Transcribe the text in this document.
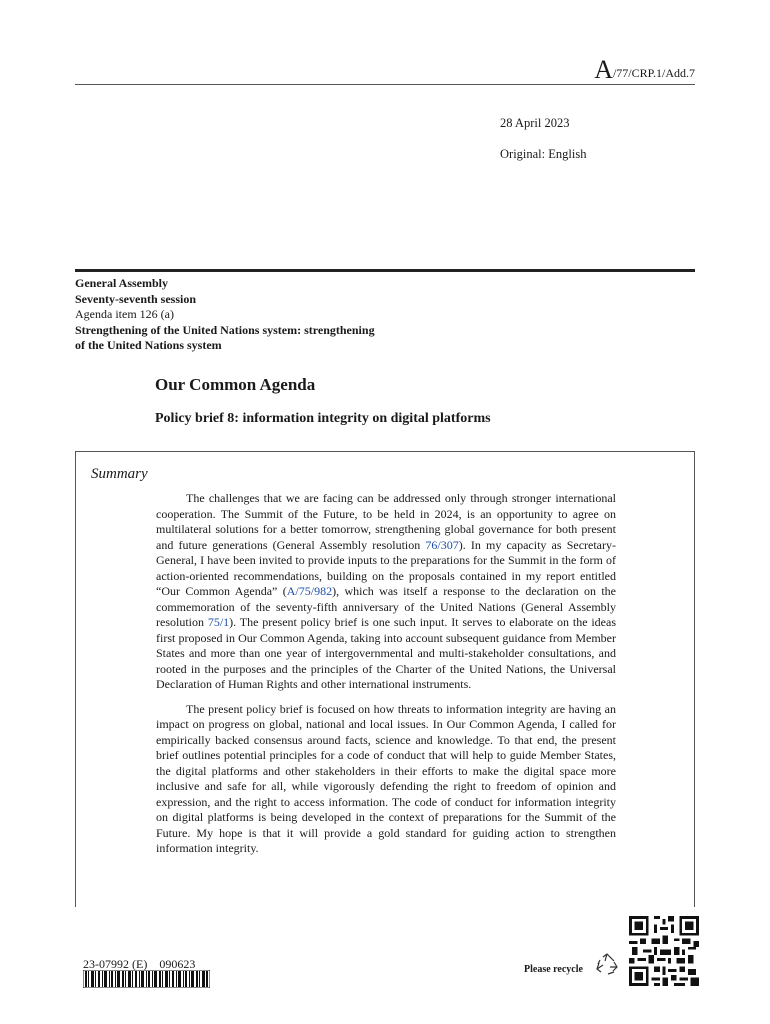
A/77/CRP.1/Add.7
28 April 2023
Original: English
General Assembly
Seventy-seventh session
Agenda item 126 (a)
Strengthening of the United Nations system: strengthening
of the United Nations system
Our Common Agenda
Policy brief 8: information integrity on digital platforms
Summary

The challenges that we are facing can be addressed only through stronger international cooperation. The Summit of the Future, to be held in 2024, is an opportunity to agree on multilateral solutions for a better tomorrow, strengthening global governance for both present and future generations (General Assembly resolution 76/307). In my capacity as Secretary-General, I have been invited to provide inputs to the preparations for the Summit in the form of action-oriented recommendations, building on the proposals contained in my report entitled “Our Common Agenda” (A/75/982), which was itself a response to the declaration on the commemoration of the seventy-fifth anniversary of the United Nations (General Assembly resolution 75/1). The present policy brief is one such input. It serves to elaborate on the ideas first proposed in Our Common Agenda, taking into account subsequent guidance from Member States and more than one year of intergovernmental and multi-stakeholder consultations, and rooted in the purposes and the principles of the Charter of the United Nations, the Universal Declaration of Human Rights and other international instruments.

The present policy brief is focused on how threats to information integrity are having an impact on progress on global, national and local issues. In Our Common Agenda, I called for empirically backed consensus around facts, science and knowledge. To that end, the present brief outlines potential principles for a code of conduct that will help to guide Member States, the digital platforms and other stakeholders in their efforts to make the digital space more inclusive and safe for all, while vigorously defending the right to freedom of opinion and expression, and the right to access information. The code of conduct for information integrity on digital platforms is being developed in the context of preparations for the Summit of the Future. My hope is that it will provide a gold standard for guiding action to strengthen information integrity.

23-07992 (E) 090623	Please recycle
